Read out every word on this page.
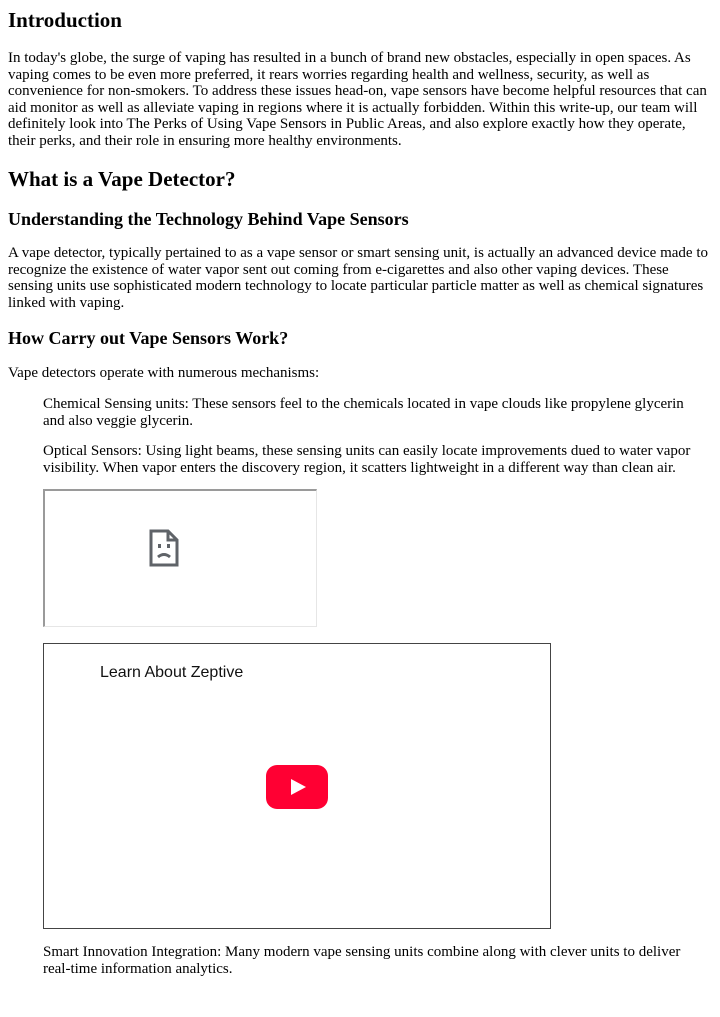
Introduction

In today's globe, the surge of vaping has resulted in a bunch of brand new obstacles, especially in open spaces. As vaping comes to be even more preferred, it rears worries regarding health and wellness, security, as well as convenience for non-smokers. To address these issues head-on, vape sensors have become helpful resources that can aid monitor as well as alleviate vaping in regions where it is actually forbidden. Within this write-up, our team will definitely look into The Perks of Using Vape Sensors in Public Areas, and also explore exactly how they operate, their perks, and their role in ensuring more healthy environments.

What is a Vape Detector?
Understanding the Technology Behind Vape Sensors

A vape detector, typically pertained to as a vape sensor or smart sensing unit, is actually an advanced device made to recognize the existence of water vapor sent out coming from e-cigarettes and also other vaping devices. These sensing units use sophisticated modern technology to locate particular particle matter as well as chemical signatures linked with vaping.

How Carry out Vape Sensors Work?

Vape detectors operate with numerous mechanisms:

Chemical Sensing units: These sensors feel to the chemicals located in vape clouds like propylene glycerin and also veggie glycerin.

Optical Sensors: Using light beams, these sensing units can easily locate improvements dued to water vapor visibility. When vapor enters the discovery region, it scatters lightweight in a different way than clean air.

Learn About Zeptive

Smart Innovation Integration: Many modern vape sensing units combine along with clever units to deliver real-time information analytics.
